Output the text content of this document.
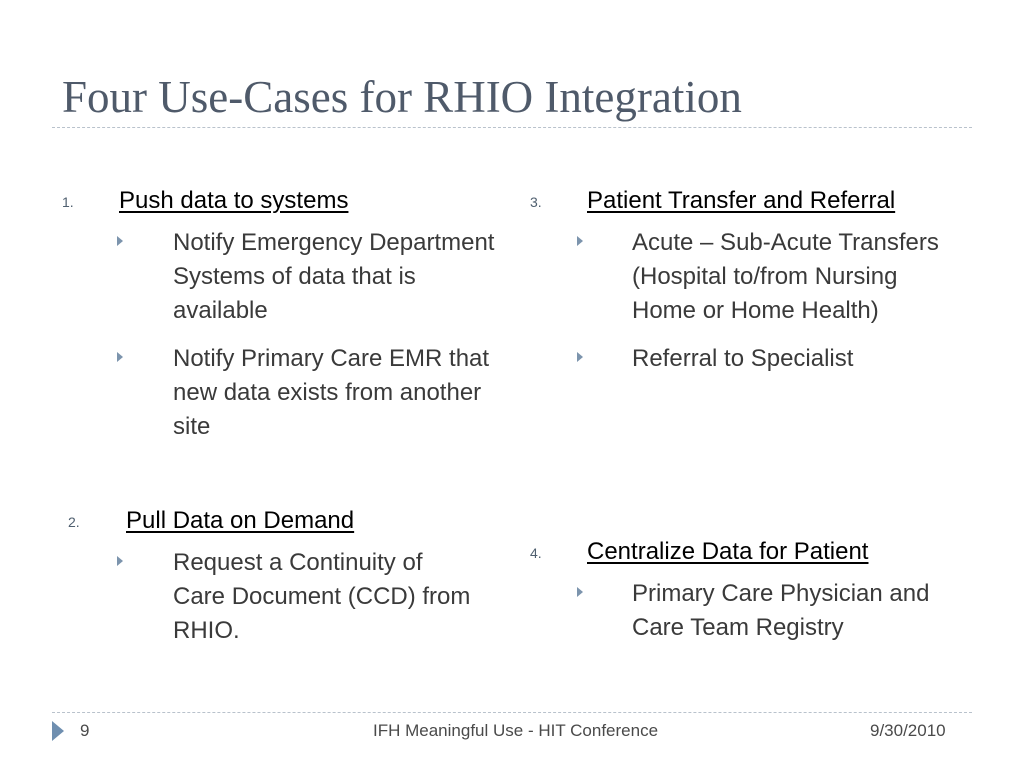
Four Use-Cases for RHIO Integration
1. Push data to systems
Notify Emergency Department Systems of data that is available
Notify Primary Care EMR that new data exists from another site
2. Pull Data on Demand
Request a Continuity of Care Document (CCD) from RHIO.
3. Patient Transfer and Referral
Acute – Sub-Acute Transfers (Hospital to/from Nursing Home or Home Health)
Referral to Specialist
4. Centralize Data for Patient
Primary Care Physician and Care Team Registry
9	IFH Meaningful Use - HIT Conference	9/30/2010
